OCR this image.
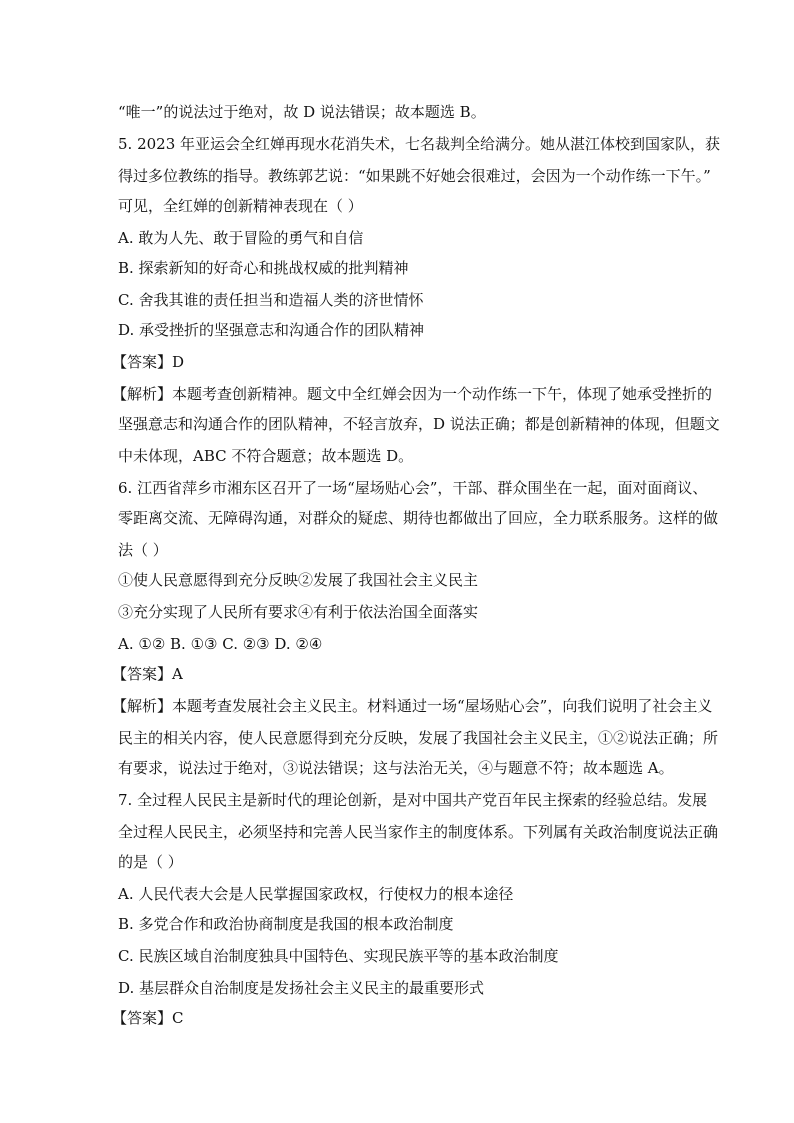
“唯一”的说法过于绝对，故 D 说法错误；故本题选 B。
5. 2023 年亚运会全红婵再现水花消失术，七名裁判全给满分。她从湛江体校到国家队，获
得过多位教练的指导。教练郭艺说：“如果跳不好她会很难过，会因为一个动作练一下午。”
可见，全红婵的创新精神表现在（ ）
A. 敢为人先、敢于冒险的勇气和自信
B. 探索新知的好奇心和挑战权威的批判精神
C. 舍我其谁的责任担当和造福人类的济世情怀
D. 承受挫折的坚强意志和沟通合作的团队精神
【答案】D
【解析】本题考查创新精神。题文中全红婵会因为一个动作练一下午，体现了她承受挫折的
坚强意志和沟通合作的团队精神，不轻言放弃，D 说法正确；都是创新精神的体现，但题文
中未体现，ABC 不符合题意；故本题选 D。
6. 江西省萍乡市湘东区召开了一场“屋场贴心会”，干部、群众围坐在一起，面对面商议、
零距离交流、无障碍沟通，对群众的疑虑、期待也都做出了回应，全力联系服务。这样的做
法（ ）
①使人民意愿得到充分反映②发展了我国社会主义民主
③充分实现了人民所有要求④有利于依法治国全面落实
A. ①② B. ①③ C. ②③ D. ②④
【答案】A
【解析】本题考查发展社会主义民主。材料通过一场“屋场贴心会”，向我们说明了社会主义
民主的相关内容，使人民意愿得到充分反映，发展了我国社会主义民主，①②说法正确；所
有要求，说法过于绝对，③说法错误；这与法治无关，④与题意不符；故本题选 A。
7. 全过程人民民主是新时代的理论创新，是对中国共产党百年民主探索的经验总结。发展
全过程人民民主，必须坚持和完善人民当家作主的制度体系。下列属有关政治制度说法正确
的是（ ）
A. 人民代表大会是人民掌握国家政权，行使权力的根本途径
B. 多党合作和政治协商制度是我国的根本政治制度
C. 民族区域自治制度独具中国特色、实现民族平等的基本政治制度
D. 基层群众自治制度是发扬社会主义民主的最重要形式
【答案】C
